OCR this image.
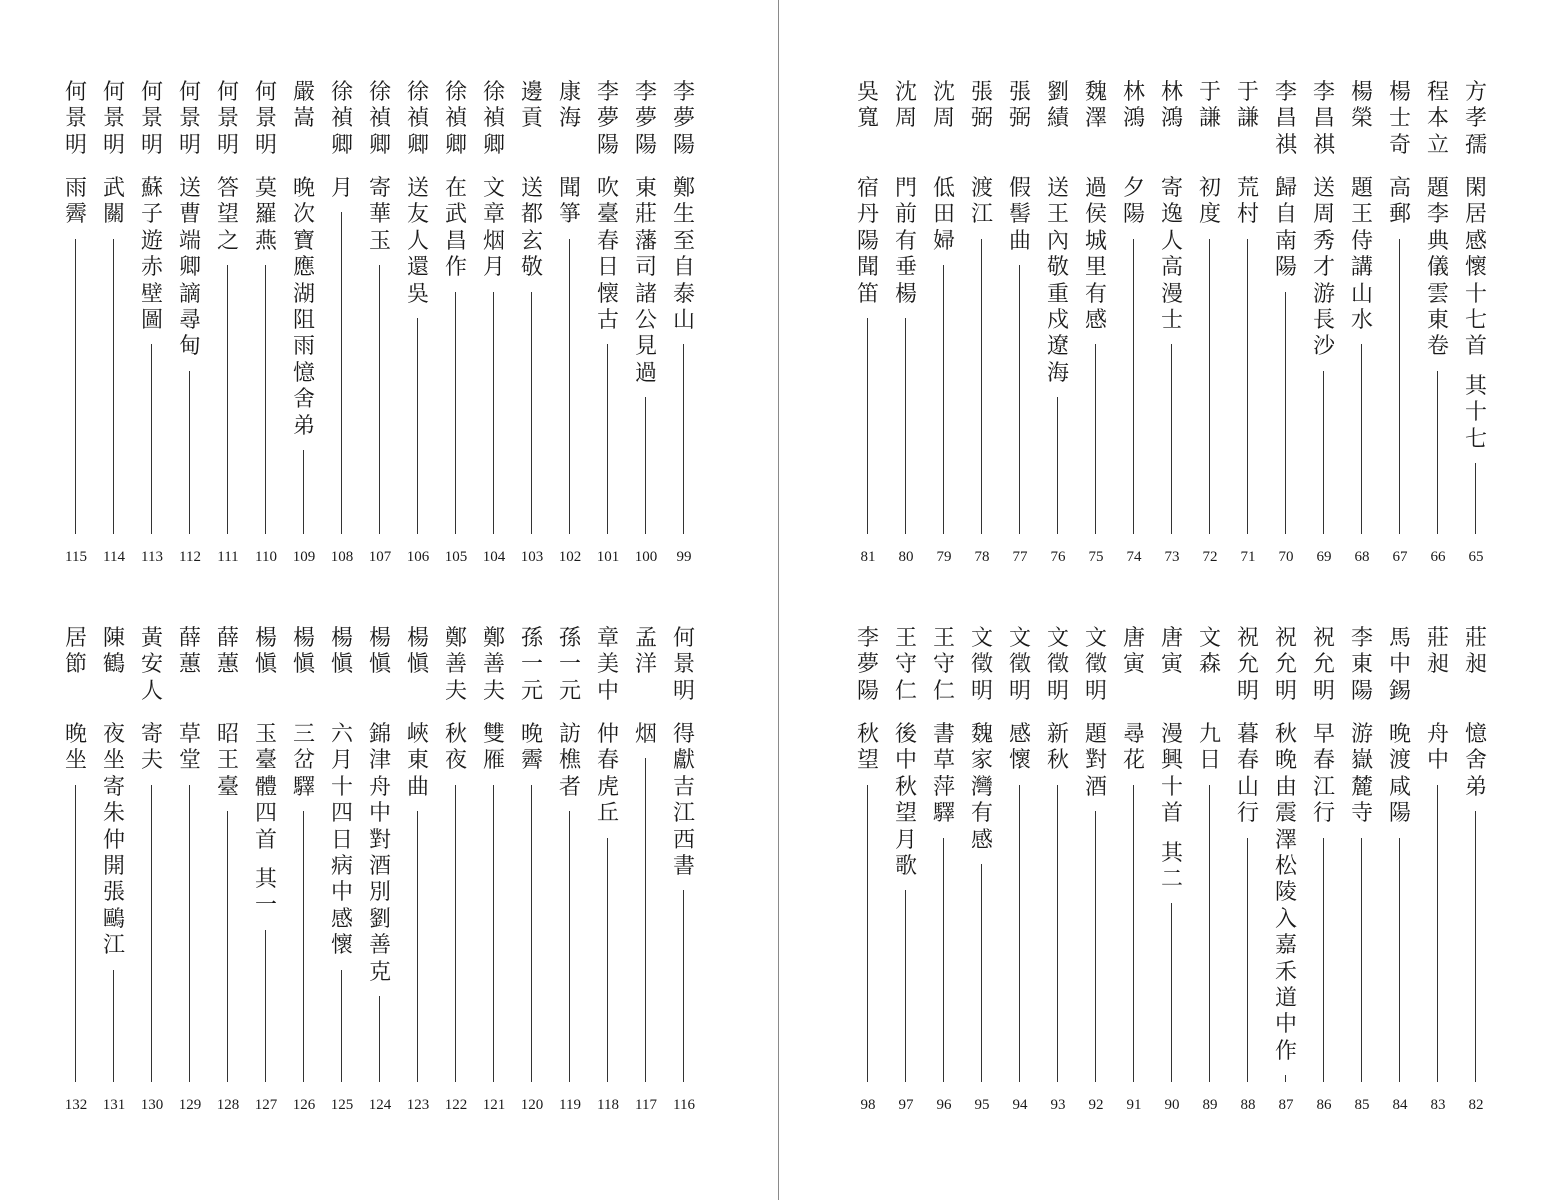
李
夢
陽
鄭
生
至
自
泰
山
99
李
夢
陽
東
莊
藩
司
諸
公
見
過
100
李
夢
陽
吹
臺
春
日
懐
古
101
康
海
聞
箏
102
邊
貢
送
都
玄
敬
103
徐
禎
卿
文
章
烟
月
104
徐
禎
卿
在
武
昌
作
105
徐
禎
卿
送
友
人
還
吳
106
徐
禎
卿
寄
華
玉
107
徐
禎
卿
月
108
嚴
嵩
晚
次
寶
應
湖
阻
雨
憶
舍
弟
109
何
景
明
莫
羅
燕
110
何
景
明
答
望
之
111
何
景
明
送
曹
端
卿
謫
尋
甸
112
何
景
明
蘇
子
遊
赤
壁
圖
113
何
景
明
武
關
114
何
景
明
雨
霽
115
何
景
明
得
獻
吉
江
西
書
116
孟
洋
烟
117
章
美
中
仲
春
虎
丘
118
孫
一
元
訪
樵
者
119
孫
一
元
晚
霽
120
鄭
善
夫
雙
雁
121
鄭
善
夫
秋
夜
122
楊
愼
峽
東
曲
123
楊
愼
錦
津
舟
中
對
酒
別
劉
善
克
124
楊
愼
六
月
十
四
日
病
中
感
懷
125
楊
愼
三
岔
驛
126
楊
愼
玉
臺
體
四
首
其
一
127
薛
蕙
昭
王
臺
128
薛
蕙
草
堂
129
黃
安
人
寄
夫
130
陳
鶴
夜
坐
寄
朱
仲
開
張
鷗
江
131
居
節
晚
坐
132
方
孝
孺
閑
居
感
懷
十
七
首
其
十
七
65
程
本
立
題
李
典
儀
雲
東
卷
66
楊
士
奇
高
郵
67
楊
榮
題
王
侍
講
山
水
68
李
昌
祺
送
周
秀
才
游
長
沙
69
李
昌
祺
歸
自
南
陽
70
于
謙
荒
村
71
于
謙
初
度
72
林
鴻
寄
逸
人
高
漫
士
73
林
鴻
夕
陽
74
魏
澤
過
侯
城
里
有
感
75
劉
績
送
王
內
敬
重
戍
遼
海
76
張
弼
假
髻
曲
77
張
弼
渡
江
78
沈
周
低
田
婦
79
沈
周
門
前
有
垂
楊
80
吳
寬
宿
丹
陽
聞
笛
81
莊
昶
憶
舍
弟
82
莊
昶
舟
中
83
馬
中
錫
晚
渡
咸
陽
84
李
東
陽
游
嶽
麓
寺
85
祝
允
明
早
春
江
行
86
祝
允
明
秋
晚
由
震
澤
松
陵
入
嘉
禾
道
中
作
87
祝
允
明
暮
春
山
行
88
文
森
九
日
89
唐
寅
漫
興
十
首
其
二
90
唐
寅
尋
花
91
文
徵
明
題
對
酒
92
文
徵
明
新
秋
93
文
徵
明
感
懷
94
文
徵
明
魏
家
灣
有
感
95
王
守
仁
書
草
萍
驛
96
王
守
仁
後
中
秋
望
月
歌
97
李
夢
陽
秋
望
98
